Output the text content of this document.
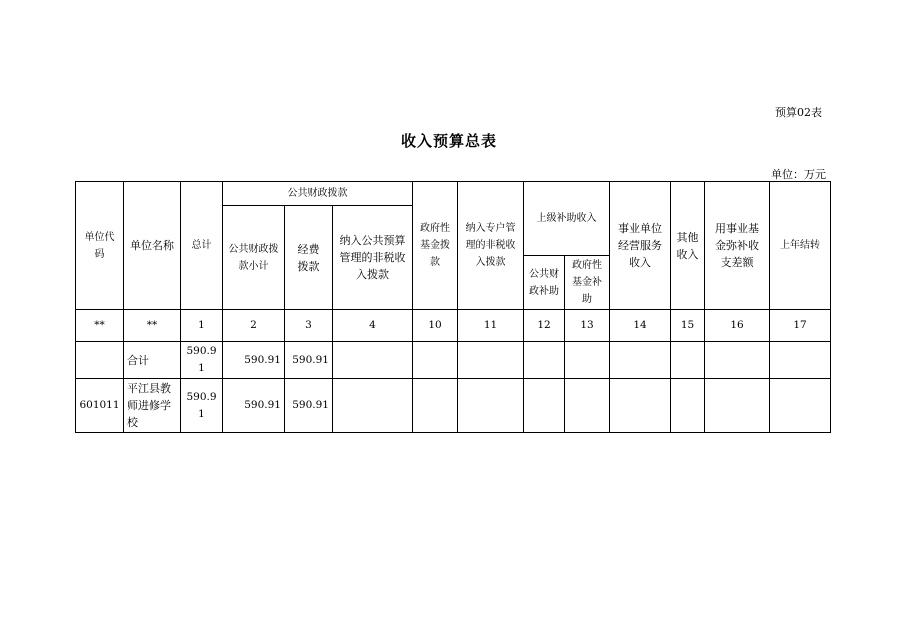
预算02表
收入预算总表
单位：万元
单位代码	单位名称	总计	公共财政拨款			政府性基金拨款	纳入专户管理的非税收入拨款	上级补助收入		事业单位经营服务收入	其他收入	用事业基金弥补收支差额	上年结转
			公共财政拨款小计	经费拨款	纳入公共预算管理的非税收入拨款								
								公共财政补助	政府性基金补助				
**	**	1	2	3	4	10	11	12	13	14	15	16	17
	合计	590.91	590.91	590.91									
601011	平江县教师进修学校	590.91	590.91	590.91									
